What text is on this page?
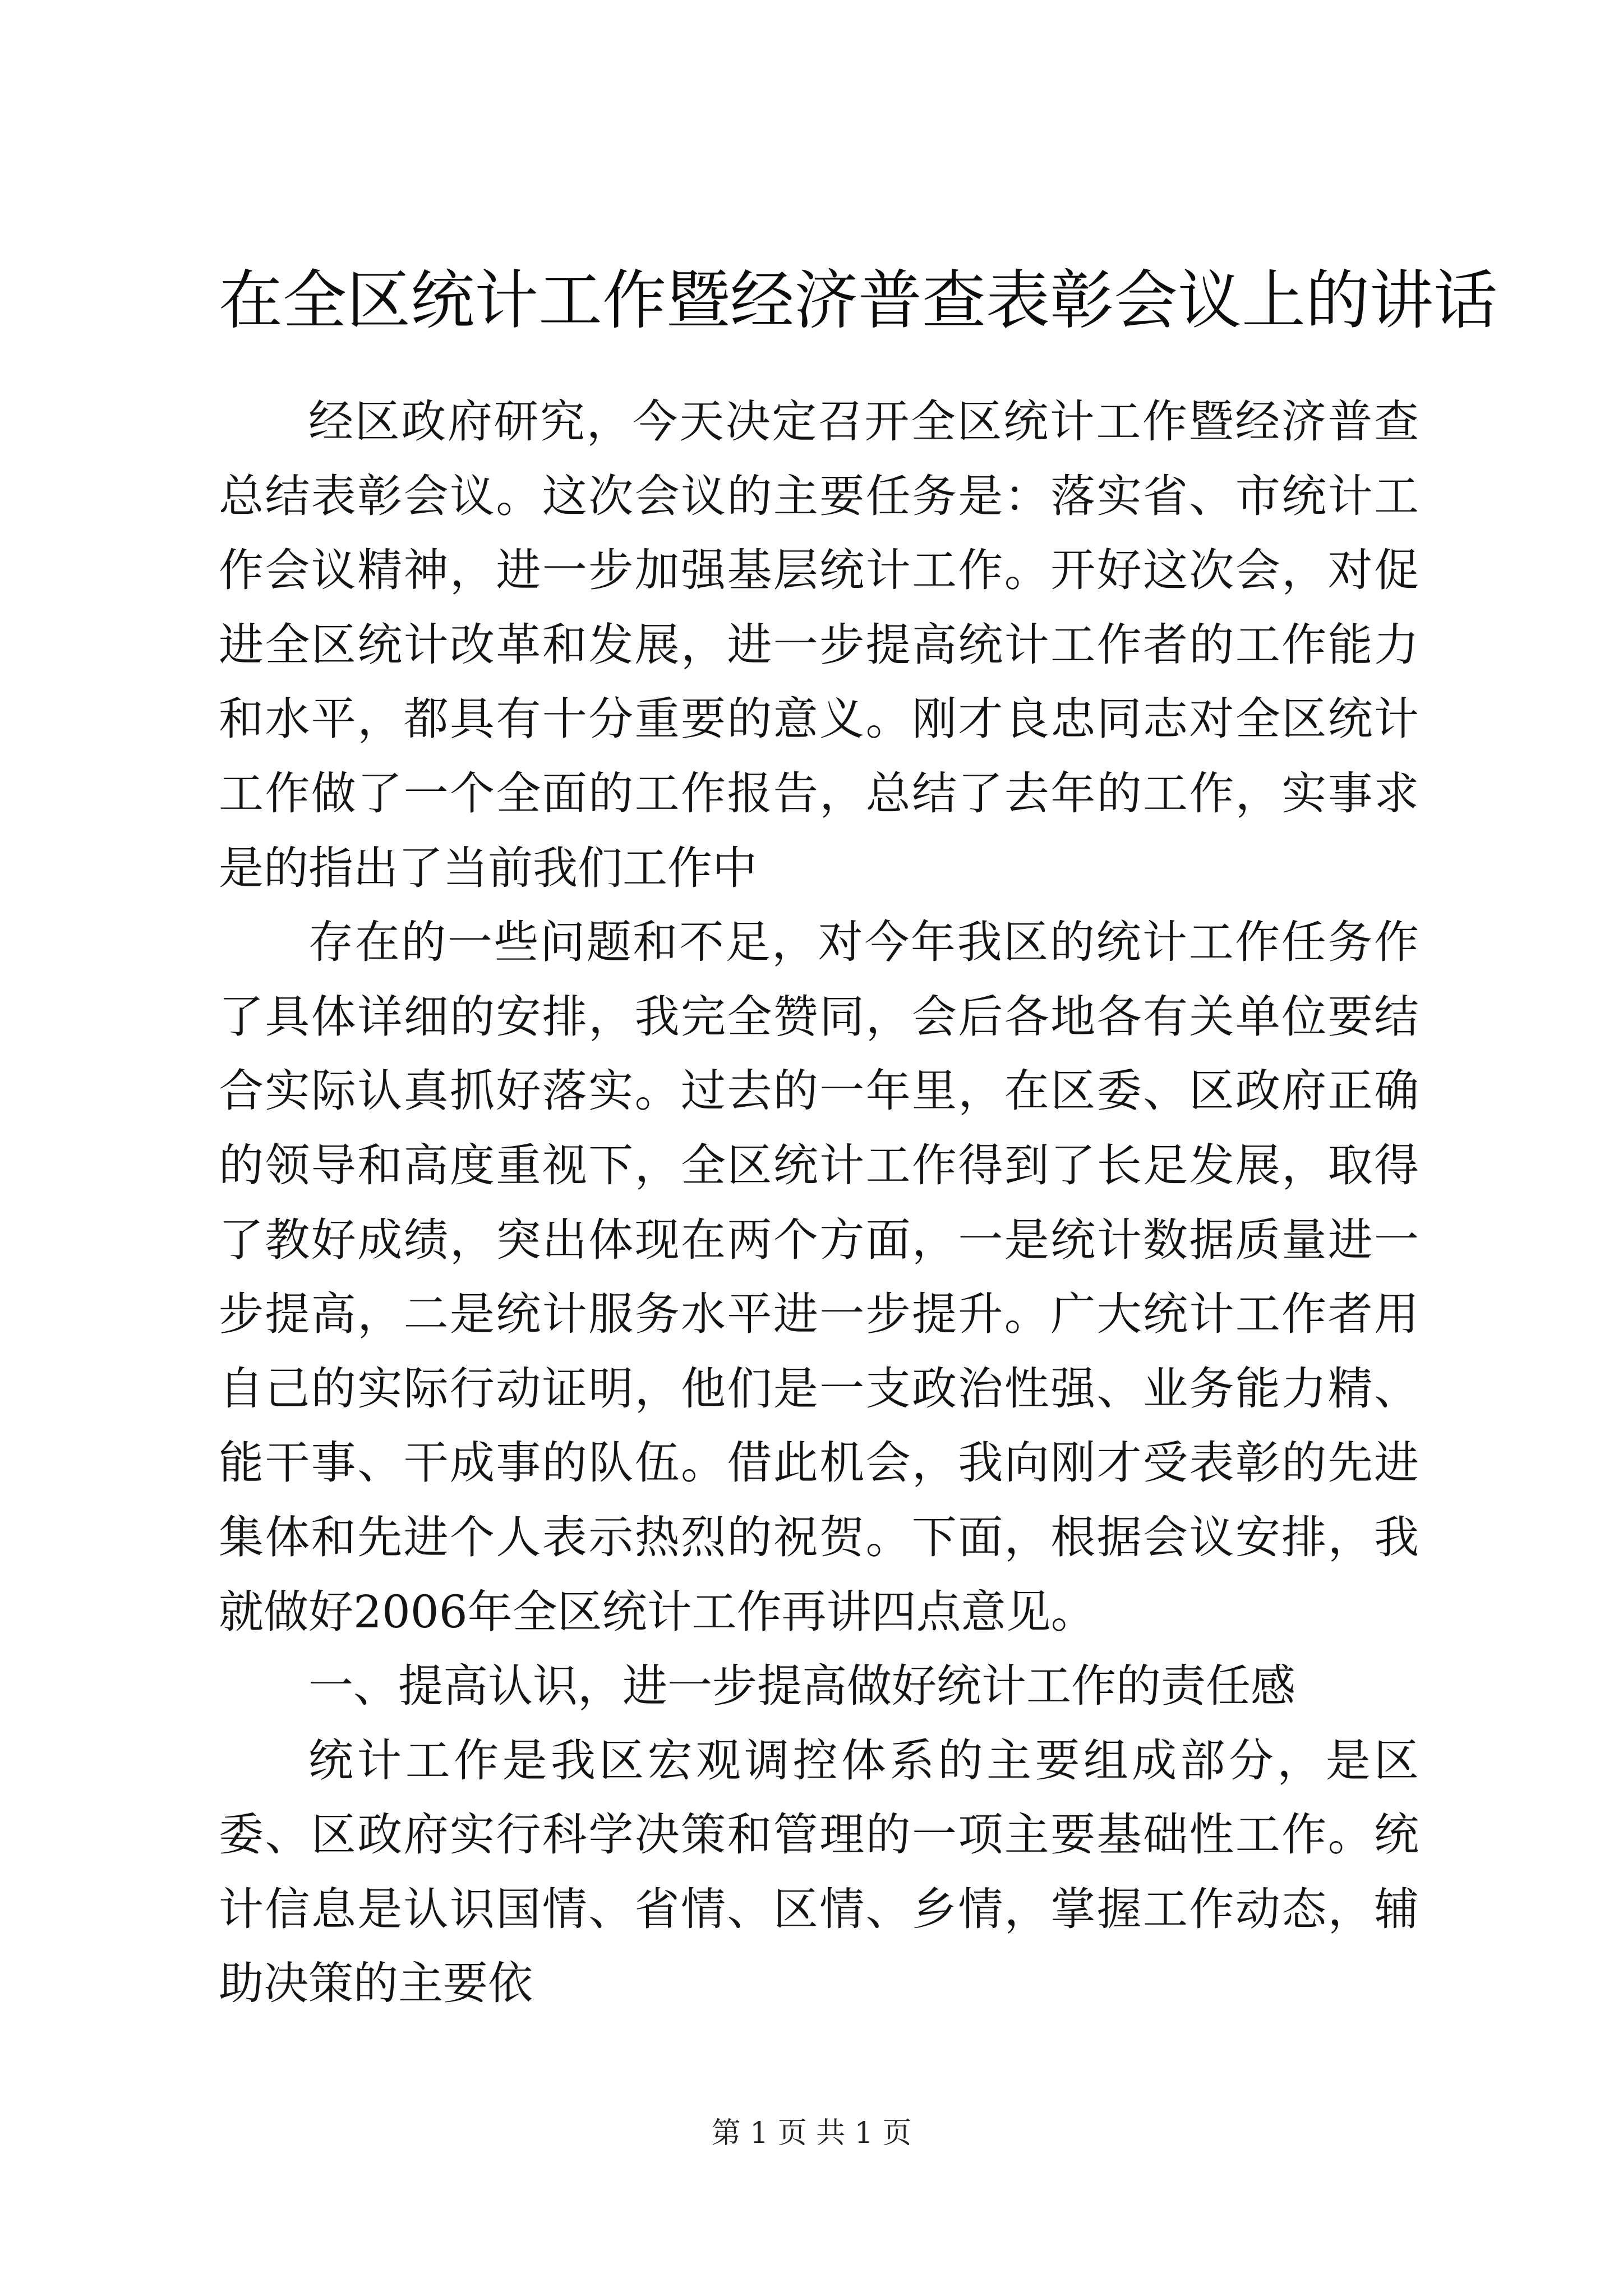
在全区统计工作暨经济普查表彰会议上的讲话

经区政府研究，今天决定召开全区统计工作暨经济普查总结表彰会议。这次会议的主要任务是：落实省、市统计工作会议精神，进一步加强基层统计工作。开好这次会，对促进全区统计改革和发展，进一步提高统计工作者的工作能力和水平，都具有十分重要的意义。刚才良忠同志对全区统计工作做了一个全面的工作报告，总结了去年的工作，实事求是的指出了当前我们工作中

存在的一些问题和不足，对今年我区的统计工作任务作了具体详细的安排，我完全赞同，会后各地各有关单位要结合实际认真抓好落实。过去的一年里，在区委、区政府正确的领导和高度重视下，全区统计工作得到了长足发展，取得了教好成绩，突出体现在两个方面，一是统计数据质量进一步提高，二是统计服务水平进一步提升。广大统计工作者用自己的实际行动证明，他们是一支政治性强、业务能力精、能干事、干成事的队伍。借此机会，我向刚才受表彰的先进集体和先进个人表示热烈的祝贺。下面，根据会议安排，我就做好2006年全区统计工作再讲四点意见。

一、提高认识，进一步提高做好统计工作的责任感

统计工作是我区宏观调控体系的主要组成部分，是区委、区政府实行科学决策和管理的一项主要基础性工作。统计信息是认识国情、省情、区情、乡情，掌握工作动态，辅助决策的主要依

第 1 页 共 1 页
